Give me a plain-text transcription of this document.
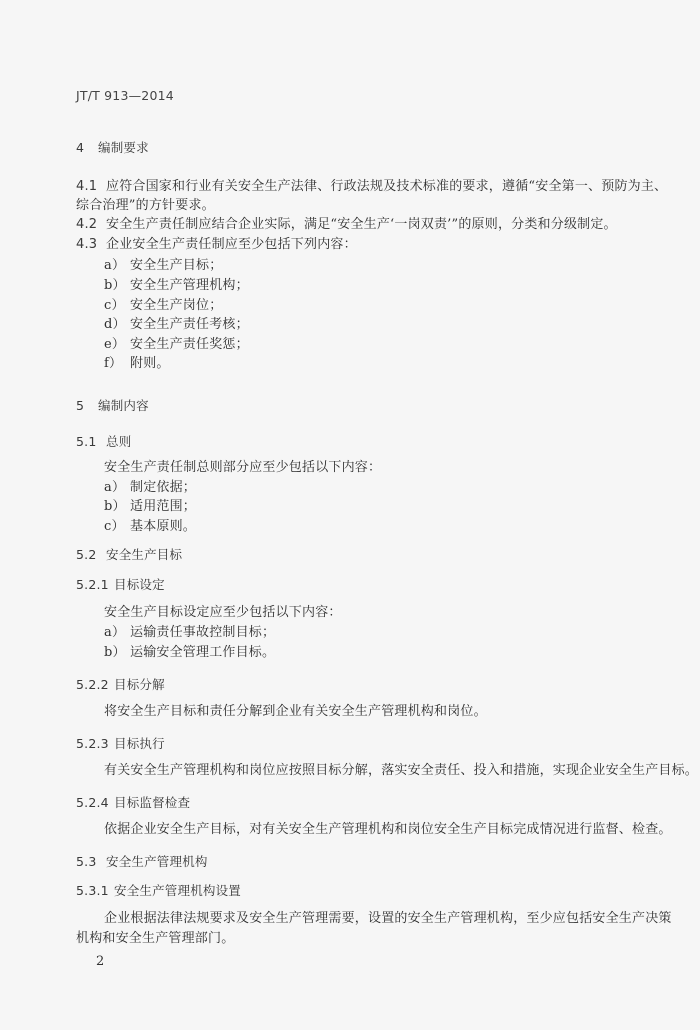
JT/T 913—2014
4 编制要求
4.1 应符合国家和行业有关安全生产法律、行政法规及技术标准的要求，遵循“安全第一、预防为主、
综合治理”的方针要求。
4.2 安全生产责任制应结合企业实际，满足“安全生产‘一岗双责’”的原则，分类和分级制定。
4.3 企业安全生产责任制应至少包括下列内容：
a） 安全生产目标；
b） 安全生产管理机构；
c） 安全生产岗位；
d） 安全生产责任考核；
e） 安全生产责任奖惩；
f） 附则。
5 编制内容
5.1 总则
安全生产责任制总则部分应至少包括以下内容：
a） 制定依据；
b） 适用范围；
c） 基本原则。
5.2 安全生产目标
5.2.1 目标设定
安全生产目标设定应至少包括以下内容：
a） 运输责任事故控制目标；
b） 运输安全管理工作目标。
5.2.2 目标分解
将安全生产目标和责任分解到企业有关安全生产管理机构和岗位。
5.2.3 目标执行
有关安全生产管理机构和岗位应按照目标分解，落实安全责任、投入和措施，实现企业安全生产目标。
5.2.4 目标监督检查
依据企业安全生产目标，对有关安全生产管理机构和岗位安全生产目标完成情况进行监督、检查。
5.3 安全生产管理机构
5.3.1 安全生产管理机构设置
企业根据法律法规要求及安全生产管理需要，设置的安全生产管理机构，至少应包括安全生产决策
机构和安全生产管理部门。
2
